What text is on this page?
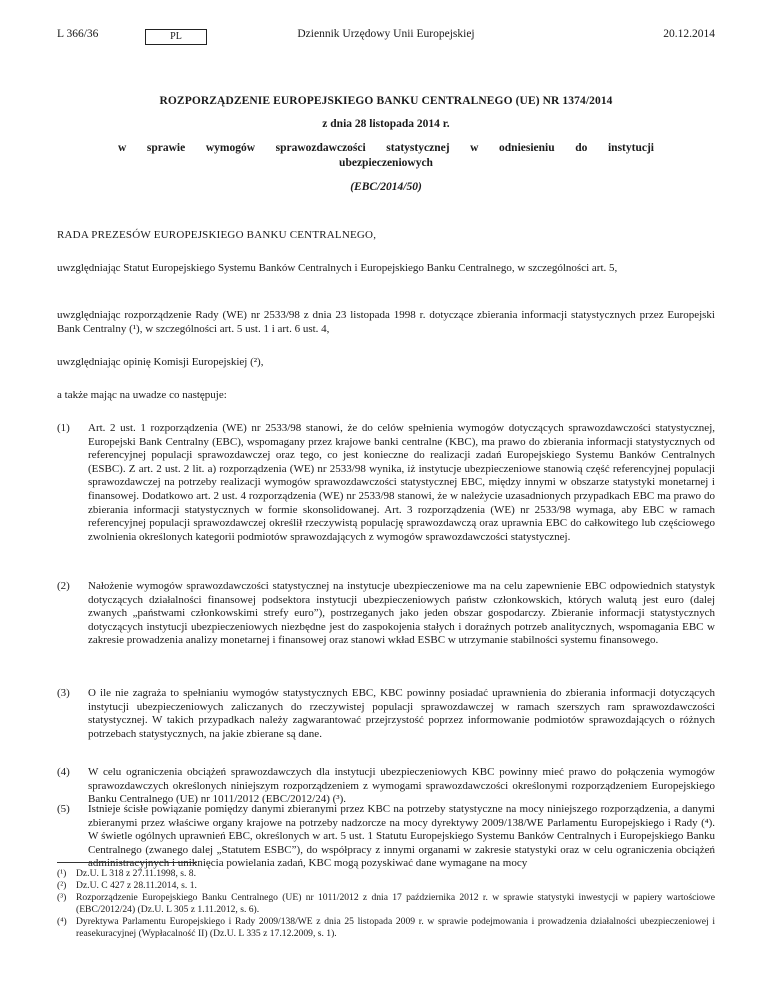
Dziennik Urzędowy Unii Europejskiej
L 366/36	PL	20.12.2014
ROZPORZĄDZENIE EUROPEJSKIEGO BANKU CENTRALNEGO (UE) NR 1374/2014
z dnia 28 listopada 2014 r.
w sprawie wymogów sprawozdawczości statystycznej w odniesieniu do instytucji ubezpieczeniowych
(EBC/2014/50)
RADA PREZESÓW EUROPEJSKIEGO BANKU CENTRALNEGO,
uwzględniając Statut Europejskiego Systemu Banków Centralnych i Europejskiego Banku Centralnego, w szczególności art. 5,
uwzględniając rozporządzenie Rady (WE) nr 2533/98 z dnia 23 listopada 1998 r. dotyczące zbierania informacji statystycznych przez Europejski Bank Centralny (¹), w szczególności art. 5 ust. 1 i art. 6 ust. 4,
uwzględniając opinię Komisji Europejskiej (²),
a także mając na uwadze co następuje:
(1) Art. 2 ust. 1 rozporządzenia (WE) nr 2533/98 stanowi, że do celów spełnienia wymogów dotyczących sprawozdawczości statystycznej, Europejski Bank Centralny (EBC), wspomagany przez krajowe banki centralne (KBC), ma prawo do zbierania informacji statystycznych od referencyjnej populacji sprawozdawczej oraz tego, co jest konieczne do realizacji zadań Europejskiego Systemu Banków Centralnych (ESBC). Z art. 2 ust. 2 lit. a) rozporządzenia (WE) nr 2533/98 wynika, iż instytucje ubezpieczeniowe stanowią część referencyjnej populacji sprawozdawczej na potrzeby realizacji wymogów sprawozdawczości statystycznej EBC, między innymi w obszarze statystyki monetarnej i finansowej. Dodatkowo art. 2 ust. 4 rozporządzenia (WE) nr 2533/98 stanowi, że w należycie uzasadnionych przypadkach EBC ma prawo do zbierania informacji statystycznych w formie skonsolidowanej. Art. 3 rozporządzenia (WE) nr 2533/98 wymaga, aby EBC w ramach referencyjnej populacji sprawozdawczej określił rzeczywistą populację sprawozdawczą oraz uprawnia EBC do całkowitego lub częściowego zwolnienia określonych kategorii podmiotów sprawozdających z wymogów sprawozdawczości statystycznej.
(2) Nałożenie wymogów sprawozdawczości statystycznej na instytucje ubezpieczeniowe ma na celu zapewnienie EBC odpowiednich statystyk dotyczących działalności finansowej podsektora instytucji ubezpieczeniowych państw członkowskich, których walutą jest euro (dalej zwanych „państwami członkowskimi strefy euro”), postrzeganych jako jeden obszar gospodarczy. Zbieranie informacji statystycznych dotyczących instytucji ubezpieczeniowych niezbędne jest do zaspokojenia stałych i doraźnych potrzeb analitycznych, wspomagania EBC w zakresie prowadzenia analizy monetarnej i finansowej oraz stanowi wkład ESBC w utrzymanie stabilności systemu finansowego.
(3) O ile nie zagraża to spełnianiu wymogów statystycznych EBC, KBC powinny posiadać uprawnienia do zbierania informacji dotyczących instytucji ubezpieczeniowych zaliczanych do rzeczywistej populacji sprawozdawczej w ramach szerszych ram sprawozdawczości statystycznej. W takich przypadkach należy zagwarantować przejrzystość poprzez informowanie podmiotów sprawozdających o różnych potrzebach statystycznych, na jakie zbierane są dane.
(4) W celu ograniczenia obciążeń sprawozdawczych dla instytucji ubezpieczeniowych KBC powinny mieć prawo do połączenia wymogów sprawozdawczych określonych niniejszym rozporządzeniem z wymogami sprawozdawczości określonymi rozporządzeniem Europejskiego Banku Centralnego (UE) nr 1011/2012 (EBC/2012/24) (³).
(5) Istnieje ścisłe powiązanie pomiędzy danymi zbieranymi przez KBC na potrzeby statystyczne na mocy niniejszego rozporządzenia, a danymi zbieranymi przez właściwe organy krajowe na potrzeby nadzorcze na mocy dyrektywy 2009/138/WE Parlamentu Europejskiego i Rady (⁴). W świetle ogólnych uprawnień EBC, określonych w art. 5 ust. 1 Statutu Europejskiego Systemu Banków Centralnych i Europejskiego Banku Centralnego (zwanego dalej „Statutem ESBC”), do współpracy z innymi organami w zakresie statystyki oraz w celu ograniczenia obciążeń administracyjnych i uniknięcia powielania zadań, KBC mogą pozyskiwać dane wymagane na mocy
(¹) Dz.U. L 318 z 27.11.1998, s. 8.
(²) Dz.U. C 427 z 28.11.2014, s. 1.
(³) Rozporządzenie Europejskiego Banku Centralnego (UE) nr 1011/2012 z dnia 17 października 2012 r. w sprawie statystyki inwestycji w papiery wartościowe (EBC/2012/24) (Dz.U. L 305 z 1.11.2012, s. 6).
(⁴) Dyrektywa Parlamentu Europejskiego i Rady 2009/138/WE z dnia 25 listopada 2009 r. w sprawie podejmowania i prowadzenia działalności ubezpieczeniowej i reasekuracyjnej (Wypłacalność II) (Dz.U. L 335 z 17.12.2009, s. 1).
